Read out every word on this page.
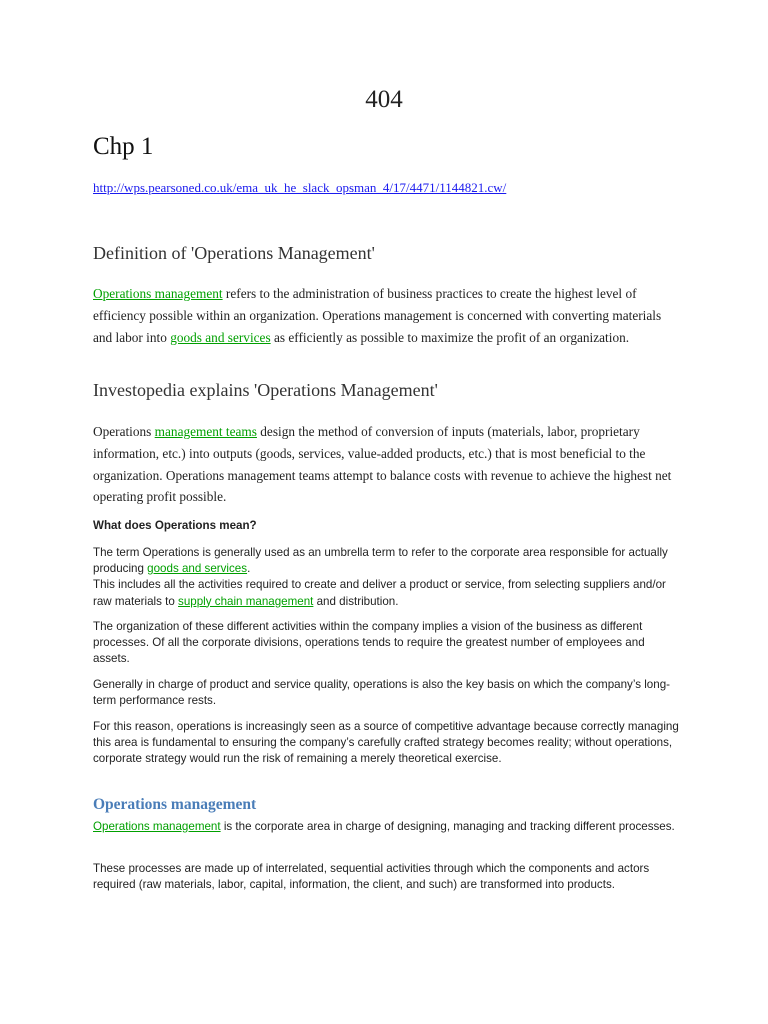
404
Chp 1
http://wps.pearsoned.co.uk/ema_uk_he_slack_opsman_4/17/4471/1144821.cw/
Definition of 'Operations Management'
Operations management refers to the administration of business practices to create the highest level of efficiency possible within an organization. Operations management is concerned with converting materials and labor into goods and services as efficiently as possible to maximize the profit of an organization.
Investopedia explains 'Operations Management'
Operations management teams design the method of conversion of inputs (materials, labor, proprietary information, etc.) into outputs (goods, services, value-added products, etc.) that is most beneficial to the organization. Operations management teams attempt to balance costs with revenue to achieve the highest net operating profit possible.
What does Operations mean?
The term Operations is generally used as an umbrella term to refer to the corporate area responsible for actually producing goods and services.
This includes all the activities required to create and deliver a product or service, from selecting suppliers and/or raw materials to supply chain management and distribution.
The organization of these different activities within the company implies a vision of the business as different processes. Of all the corporate divisions, operations tends to require the greatest number of employees and assets.
Generally in charge of product and service quality, operations is also the key basis on which the company’s long-term performance rests.
For this reason, operations is increasingly seen as a source of competitive advantage because correctly managing this area is fundamental to ensuring the company’s carefully crafted strategy becomes reality; without operations, corporate strategy would run the risk of remaining a merely theoretical exercise.
Operations management
Operations management is the corporate area in charge of designing, managing and tracking different processes.
These processes are made up of interrelated, sequential activities through which the components and actors required (raw materials, labor, capital, information, the client, and such) are transformed into products.
